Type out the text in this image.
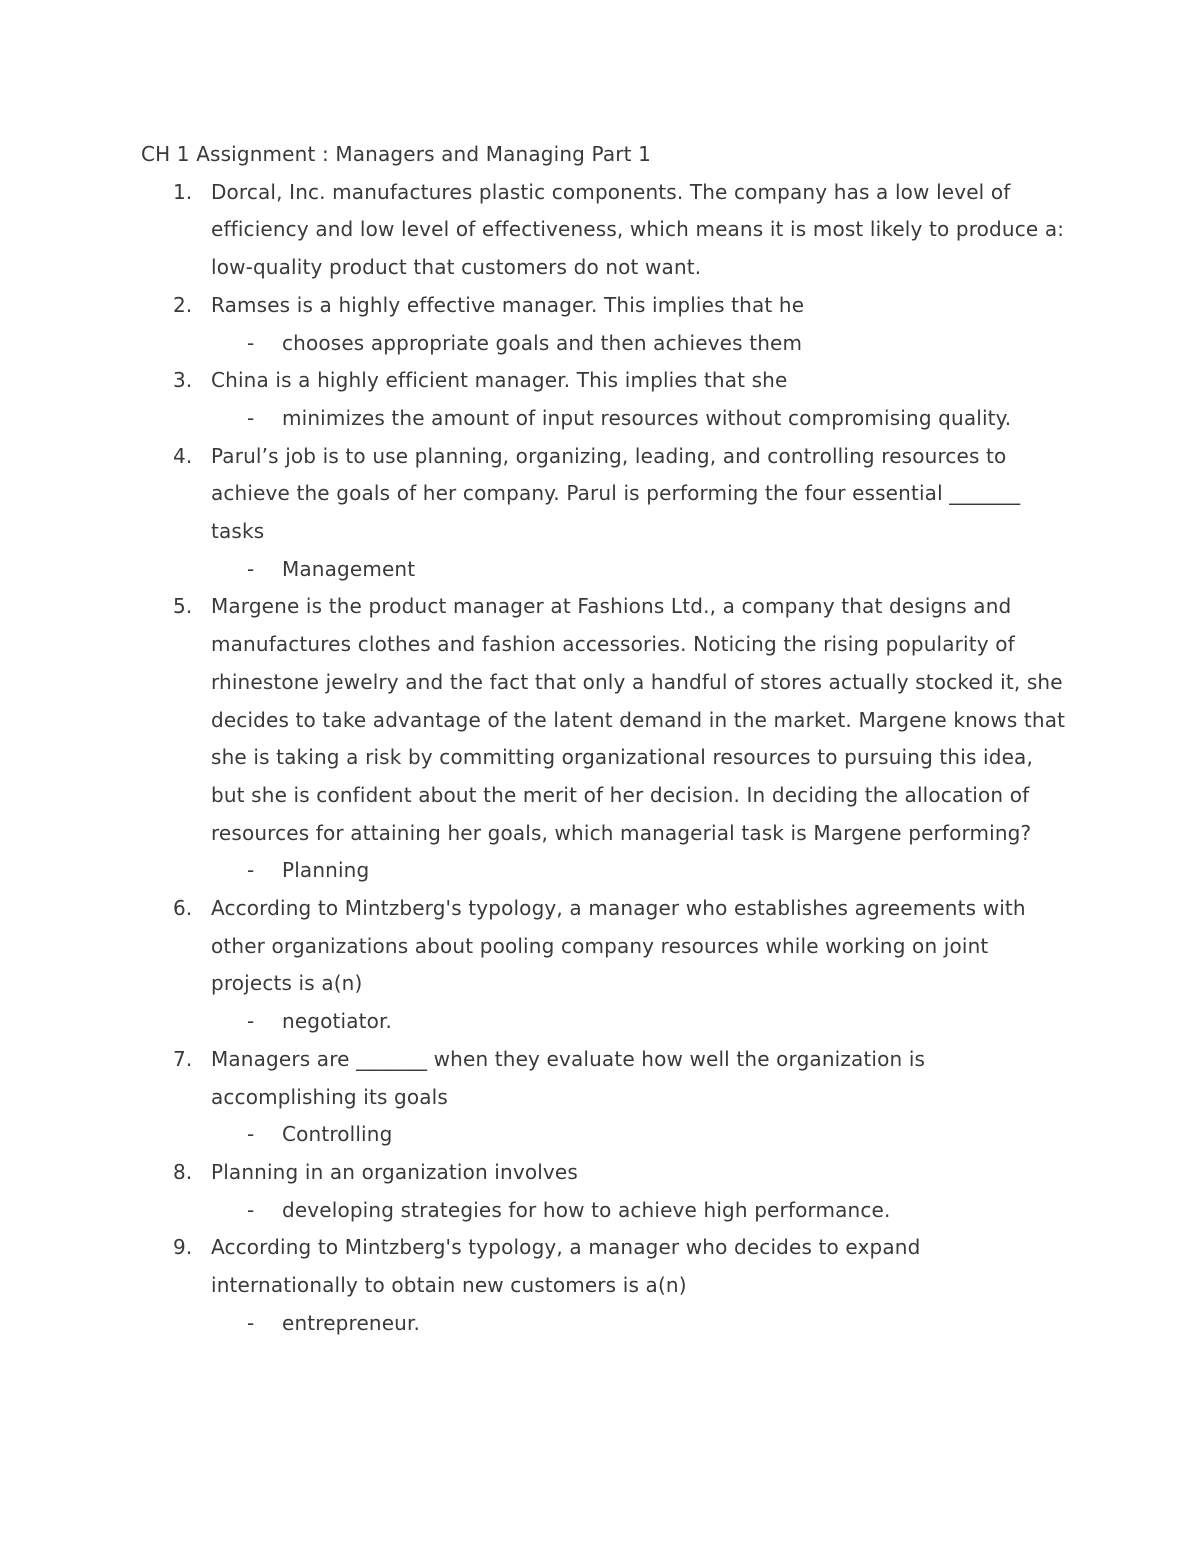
CH 1 Assignment : Managers and Managing Part 1
1. Dorcal, Inc. manufactures plastic components. The company has a low level of efficiency and low level of effectiveness, which means it is most likely to produce a:
low-quality product that customers do not want.
2. Ramses is a highly effective manager. This implies that he
- chooses appropriate goals and then achieves them
3. China is a highly efficient manager. This implies that she
- minimizes the amount of input resources without compromising quality.
4. Parul’s job is to use planning, organizing, leading, and controlling resources to achieve the goals of her company. Parul is performing the four essential _______ tasks
- Management
5. Margene is the product manager at Fashions Ltd., a company that designs and manufactures clothes and fashion accessories. Noticing the rising popularity of rhinestone jewelry and the fact that only a handful of stores actually stocked it, she decides to take advantage of the latent demand in the market. Margene knows that she is taking a risk by committing organizational resources to pursuing this idea, but she is confident about the merit of her decision. In deciding the allocation of resources for attaining her goals, which managerial task is Margene performing?
- Planning
6. According to Mintzberg's typology, a manager who establishes agreements with other organizations about pooling company resources while working on joint projects is a(n)
- negotiator.
7. Managers are _______ when they evaluate how well the organization is accomplishing its goals
- Controlling
8. Planning in an organization involves
- developing strategies for how to achieve high performance.
9. According to Mintzberg's typology, a manager who decides to expand internationally to obtain new customers is a(n)
- entrepreneur.
